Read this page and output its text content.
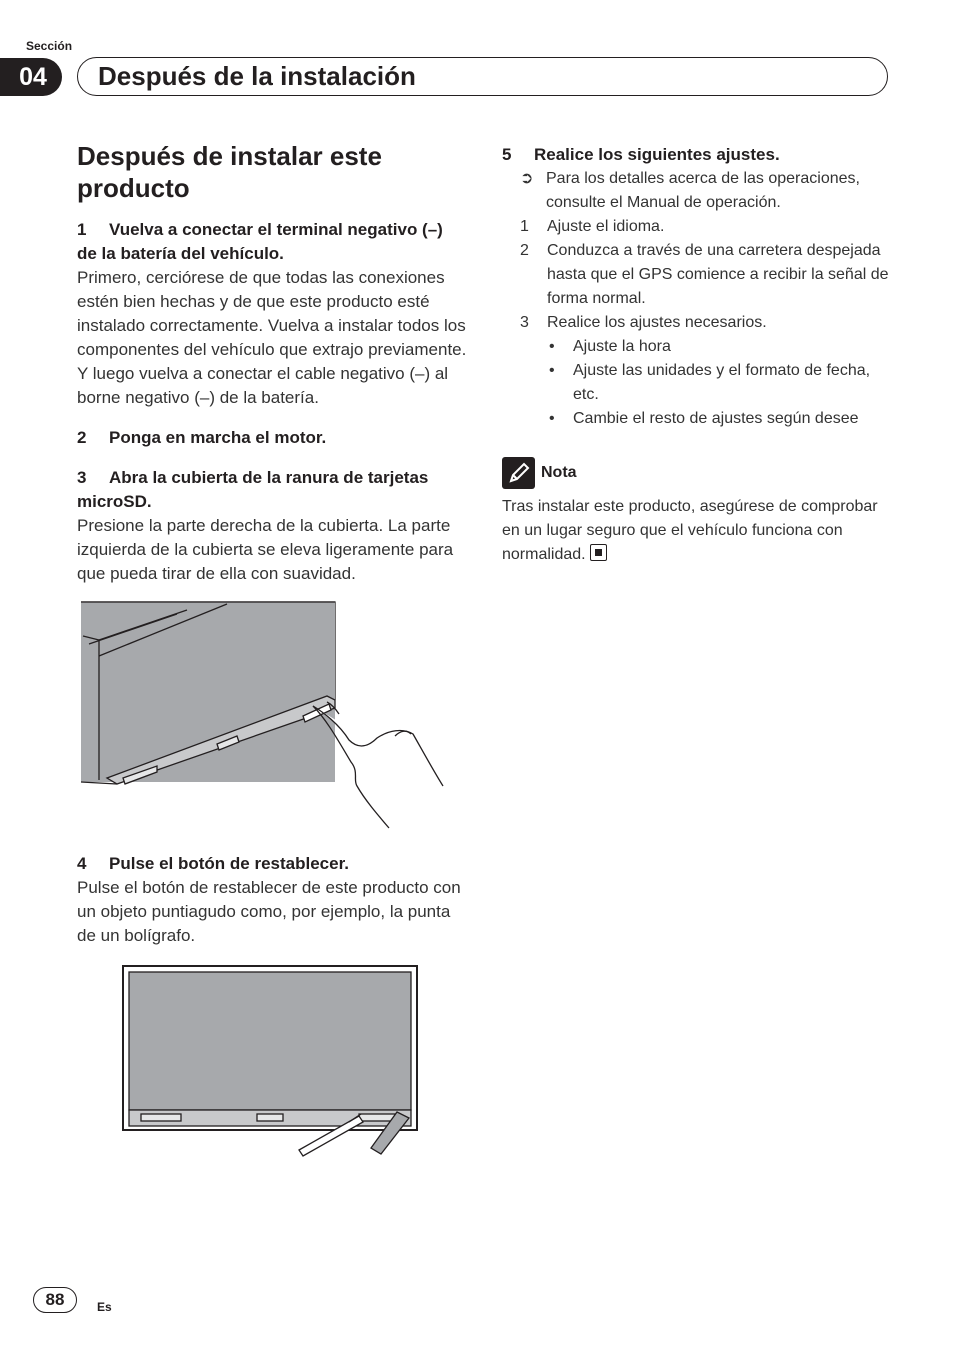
Sección
04	Después de la instalación
Después de instalar este producto

1 Vuelva a conectar el terminal negativo (–) de la batería del vehículo.

Primero, cerciórese de que todas las conexiones estén bien hechas y de que este producto esté instalado correctamente. Vuelva a instalar todos los componentes del vehículo que extrajo previamente. Y luego vuelva a conectar el cable negativo (–) al borne negativo (–) de la batería.

2 Ponga en marcha el motor.

3 Abra la cubierta de la ranura de tarjetas microSD.

Presione la parte derecha de la cubierta. La parte izquierda de la cubierta se eleva ligeramente para que pueda tirar de ella con suavidad.

4 Pulse el botón de restablecer.

Pulse el botón de restablecer de este producto con un objeto puntiagudo como, por ejemplo, la punta de un bolígrafo.

5 Realice los siguientes ajustes.

➲ Para los detalles acerca de las operaciones, consulte el Manual de operación.
1	Ajuste el idioma.
2	Conduzca a través de una carretera despejada hasta que el GPS comience a recibir la señal de forma normal.
3	Realice los ajustes necesarios.
•	Ajuste la hora
•	Ajuste las unidades y el formato de fecha, etc.
•	Cambie el resto de ajustes según desee
Nota
Tras instalar este producto, asegúrese de comprobar en un lugar seguro que el vehículo funciona con normalidad.
88	Es
